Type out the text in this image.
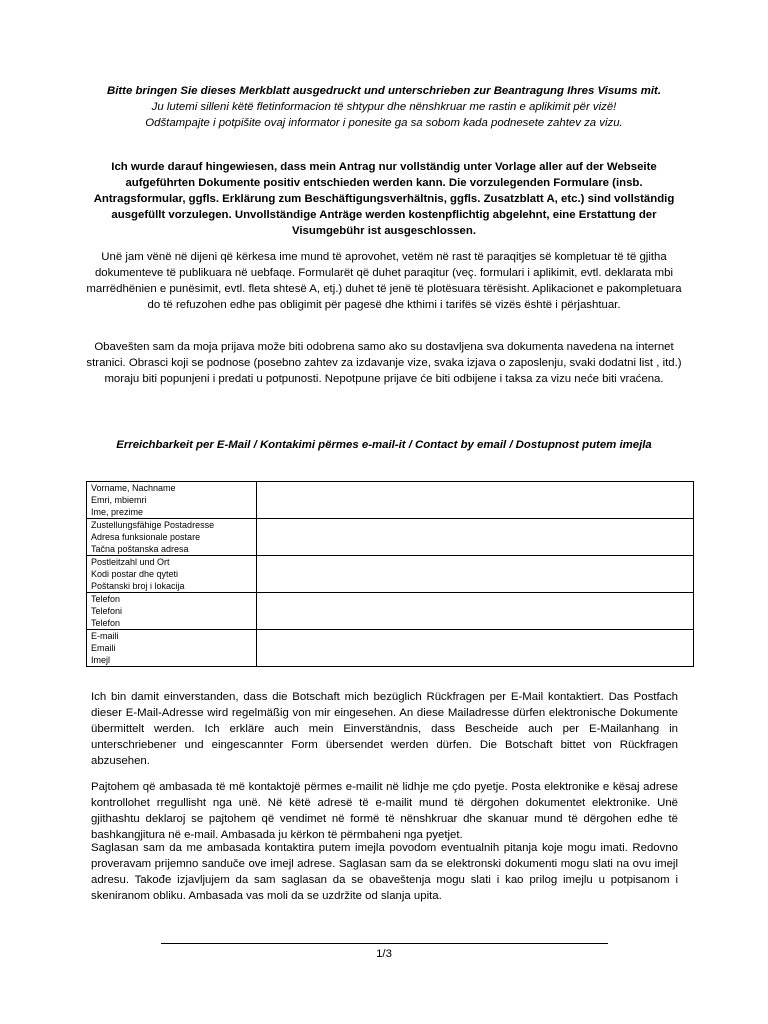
Bitte bringen Sie dieses Merkblatt ausgedruckt und unterschrieben zur Beantragung Ihres Visums mit.
Ju lutemi silleni këtë fletinformacion të shtypur dhe nënshkruar me rastin e aplikimit për vizë!
Odštampajte i potpišite ovaj informator i ponesite ga sa sobom kada podnesete zahtev za vizu.
Ich wurde darauf hingewiesen, dass mein Antrag nur vollständig unter Vorlage aller auf der Webseite aufgeführten Dokumente positiv entschieden werden kann. Die vorzulegenden Formulare (insb. Antragsformular, ggfls. Erklärung zum Beschäftigungsverhältnis, ggfls. Zusatzblatt A, etc.) sind vollständig ausgefüllt vorzulegen. Unvollständige Anträge werden kostenpflichtig abgelehnt, eine Erstattung der Visumgebühr ist ausgeschlossen.
Unë jam vënë në dijeni që kërkesa ime mund të aprovohet, vetëm në rast të paraqitjes së kompletuar të të gjitha dokumenteve të publikuara në uebfaqe. Formularët që duhet paraqitur (veç. formulari i aplikimit, evtl. deklarata mbi marrëdhënien e punësimit, evtl. fleta shtesë A, etj.) duhet të jenë të plotësuara tërësisht. Aplikacionet e pakompletuara do të refuzohen edhe pas obligimit për pagesë dhe kthimi i tarifës së vizës është i përjashtuar.
Obavešten sam da moja prijava može biti odobrena samo ako su dostavljena sva dokumenta navedena na internet stranici. Obrasci koji se podnose (posebno zahtev za izdavanje vize, svaka izjava o zaposlenju, svaki dodatni list , itd.) moraju biti popunjeni i predati u potpunosti. Nepotpune prijave će biti odbijene i taksa za vizu neće biti vraćena.
Erreichbarkeit per E-Mail / Kontakimi përmes e-mail-it / Contact by email / Dostupnost putem imejla
Vorname, Nachname
Emri, mbiemri
Ime, prezime	

Zustellungsfähige Postadresse
Adresa funksionale postare
Tačna poštanska adresa	

Postleitzahl und Ort
Kodi postar dhe qyteti
Poštanski broj i lokacija	

Telefon
Telefoni
Telefon	

E-maili
Emaili
Imejl	

Ich bin damit einverstanden, dass die Botschaft mich bezüglich Rückfragen per E-Mail kontaktiert. Das Postfach dieser E-Mail-Adresse wird regelmäßig von mir eingesehen. An diese Mailadresse dürfen elektronische Dokumente übermittelt werden. Ich erkläre auch mein Einverständnis, dass Bescheide auch per E-Mailanhang in unterschriebener und eingescannter Form übersendet werden dürfen. Die Botschaft bittet von Rückfragen abzusehen.
Pajtohem që ambasada të më kontaktojë përmes e-mailit në lidhje me çdo pyetje. Posta elektronike e kësaj adrese kontrollohet rregullisht nga unë. Në këtë adresë të e-mailit mund të dërgohen dokumentet elektronike. Unë gjithashtu deklaroj se pajtohem që vendimet në formë të nënshkruar dhe skanuar mund të dërgohen edhe të bashkangjitura në e-mail. Ambasada ju kërkon të përmbaheni nga pyetjet.
Saglasan sam da me ambasada kontaktira putem imejla povodom eventualnih pitanja koje mogu imati. Redovno proveravam prijemno sanduče ove imejl adrese. Saglasan sam da se elektronski dokumenti mogu slati na ovu imejl adresu. Takođe izjavljujem da sam saglasan da se obaveštenja mogu slati i kao prilog imejlu u potpisanom i skeniranom obliku. Ambasada vas moli da se uzdržite od slanja upita.
1/3
